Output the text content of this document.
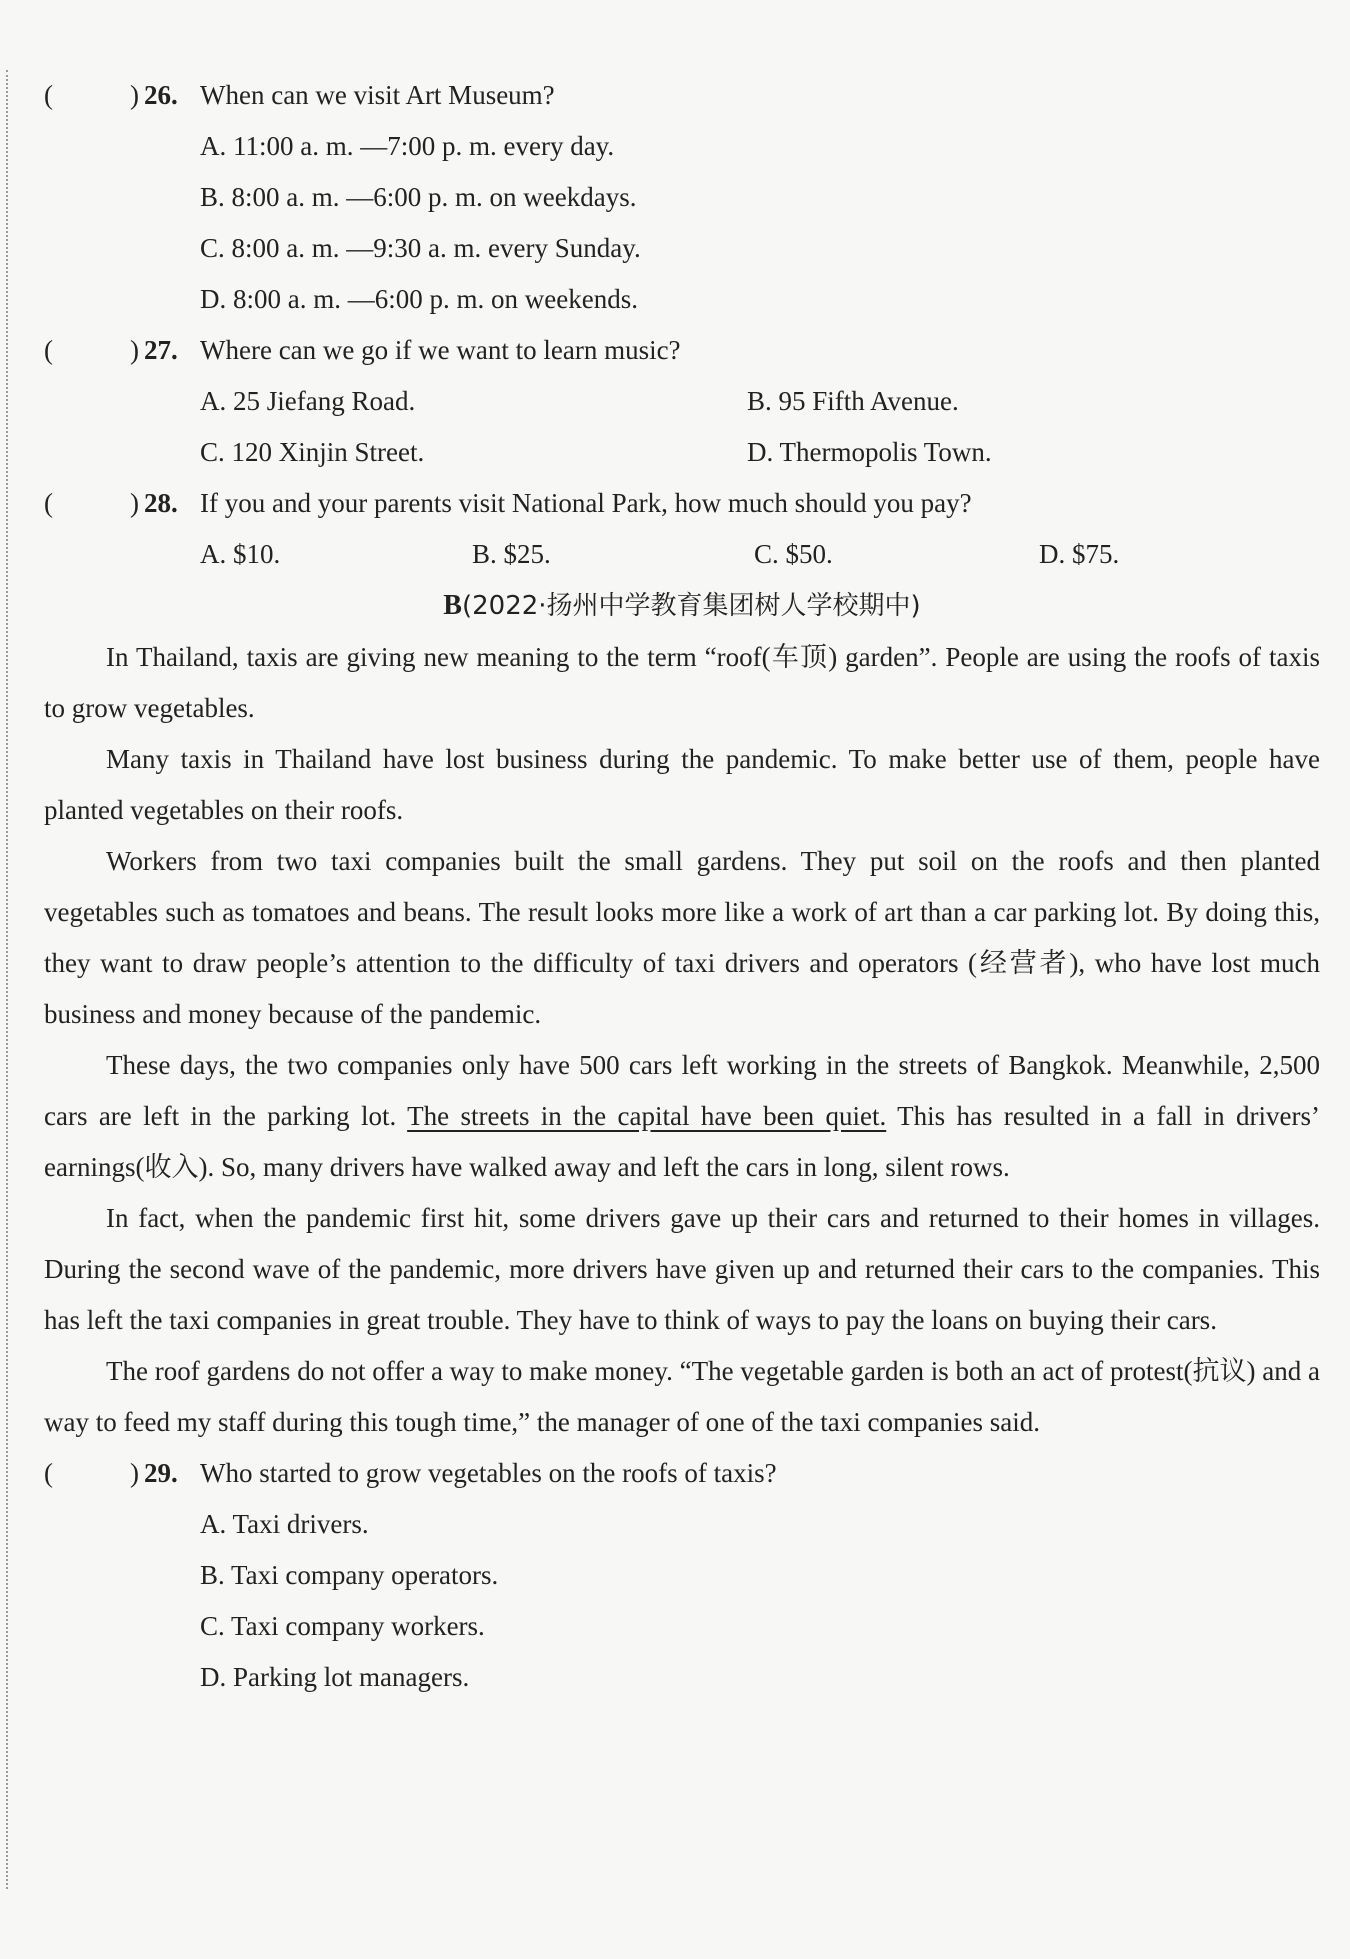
(	) 26. When can we visit Art Museum?
A. 11:00 a. m. —7:00 p. m. every day.
B. 8:00 a. m. —6:00 p. m. on weekdays.
C. 8:00 a. m. —9:30 a. m. every Sunday.
D. 8:00 a. m. —6:00 p. m. on weekends.
(	) 27. Where can we go if we want to learn music?
A. 25 Jiefang Road.	B. 95 Fifth Avenue.
C. 120 Xinjin Street.	D. Thermopolis Town.
(	) 28. If you and your parents visit National Park, how much should you pay?
A. $10.	B. $25.	C. $50.	D. $75.
B(2022·扬州中学教育集团树人学校期中)

In Thailand, taxis are giving new meaning to the term “roof(车顶) garden”. People are using the roofs of taxis to grow vegetables.

Many taxis in Thailand have lost business during the pandemic. To make better use of them, people have planted vegetables on their roofs.

Workers from two taxi companies built the small gardens. They put soil on the roofs and then planted vegetables such as tomatoes and beans. The result looks more like a work of art than a car parking lot. By doing this, they want to draw people’s attention to the difficulty of taxi drivers and operators (经营者), who have lost much business and money because of the pandemic.

These days, the two companies only have 500 cars left working in the streets of Bangkok. Meanwhile, 2,500 cars are left in the parking lot. The streets in the capital have been quiet. This has resulted in a fall in drivers’ earnings(收入). So, many drivers have walked away and left the cars in long, silent rows.

In fact, when the pandemic first hit, some drivers gave up their cars and returned to their homes in villages. During the second wave of the pandemic, more drivers have given up and returned their cars to the companies. This has left the taxi companies in great trouble. They have to think of ways to pay the loans on buying their cars.

The roof gardens do not offer a way to make money. “The vegetable garden is both an act of protest(抗议) and a way to feed my staff during this tough time,” the manager of one of the taxi companies said.

(	) 29. Who started to grow vegetables on the roofs of taxis?
A. Taxi drivers.
B. Taxi company operators.
C. Taxi company workers.
D. Parking lot managers.
